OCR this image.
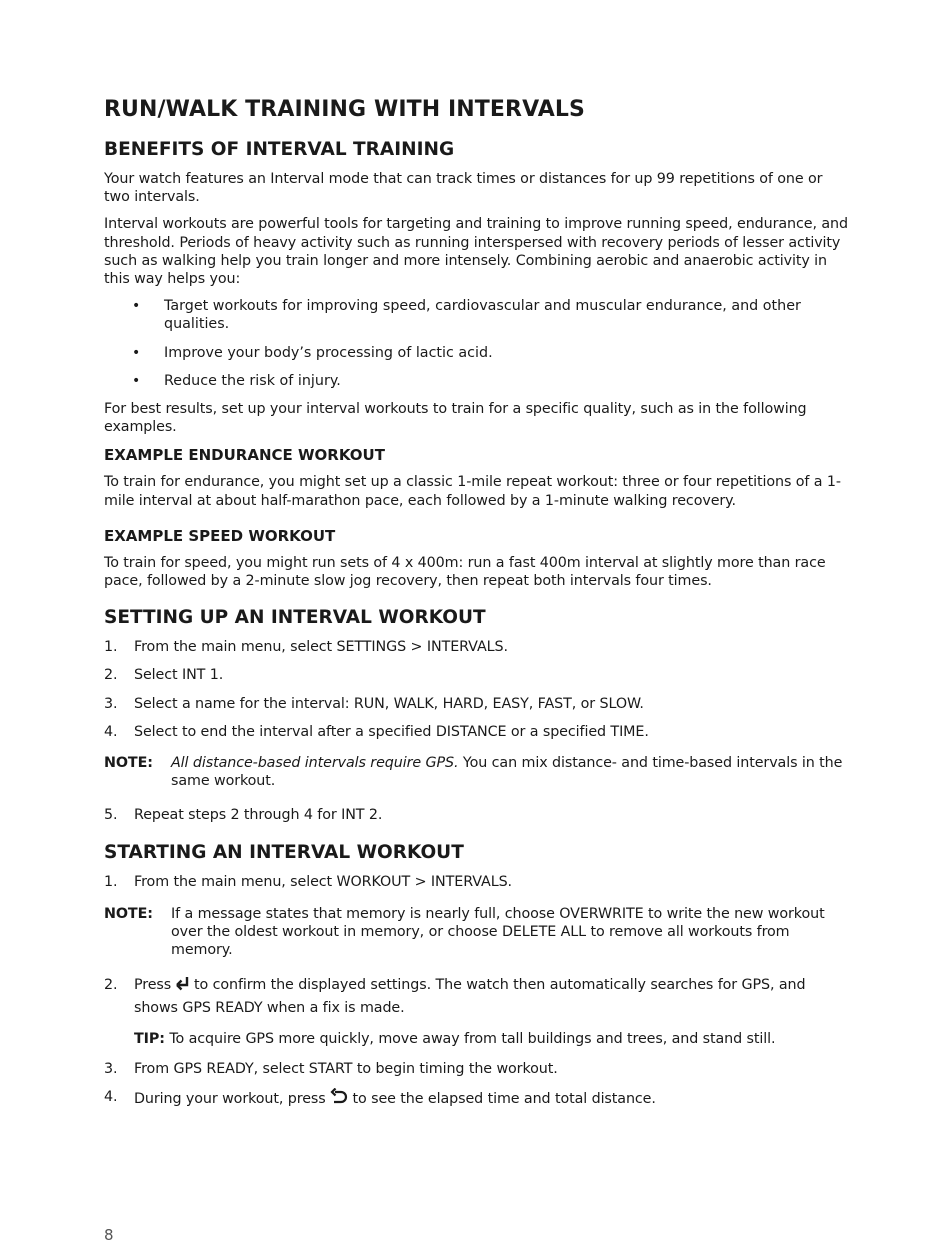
RUN/WALK TRAINING WITH INTERVALS
BENEFITS OF INTERVAL TRAINING

Your watch features an Interval mode that can track times or distances for up 99 repetitions of one or two intervals.

Interval workouts are powerful tools for targeting and training to improve running speed, endurance, and threshold. Periods of heavy activity such as running interspersed with recovery periods of lesser activity such as walking help you train longer and more intensely. Combining aerobic and anaerobic activity in this way helps you:

• Target workouts for improving speed, cardiovascular and muscular endurance, and other qualities.
• Improve your body’s processing of lactic acid.
• Reduce the risk of injury.

For best results, set up your interval workouts to train for a specific quality, such as in the following examples.

EXAMPLE ENDURANCE WORKOUT

To train for endurance, you might set up a classic 1-mile repeat workout: three or four repetitions of a 1-mile interval at about half-marathon pace, each followed by a 1-minute walking recovery.

EXAMPLE SPEED WORKOUT

To train for speed, you might run sets of 4 x 400m: run a fast 400m interval at slightly more than race pace, followed by a 2-minute slow jog recovery, then repeat both intervals four times.

SETTING UP AN INTERVAL WORKOUT
1. From the main menu, select SETTINGS > INTERVALS.
2. Select INT 1.
3. Select a name for the interval: RUN, WALK, HARD, EASY, FAST, or SLOW.
4. Select to end the interval after a specified DISTANCE or a specified TIME.
NOTE: All distance-based intervals require GPS. You can mix distance- and time-based intervals in the same workout.
5. Repeat steps 2 through 4 for INT 2.
STARTING AN INTERVAL WORKOUT
1. From the main menu, select WORKOUT > INTERVALS.
NOTE: If a message states that memory is nearly full, choose OVERWRITE to write the new workout over the oldest workout in memory, or choose DELETE ALL to remove all workouts from memory.
2. Press  to confirm the displayed settings. The watch then automatically searches for GPS, and shows GPS READY when a fix is made.
TIP: To acquire GPS more quickly, move away from tall buildings and trees, and stand still.
3. From GPS READY, select START to begin timing the workout.
4. During your workout, press  to see the elapsed time and total distance.
8
